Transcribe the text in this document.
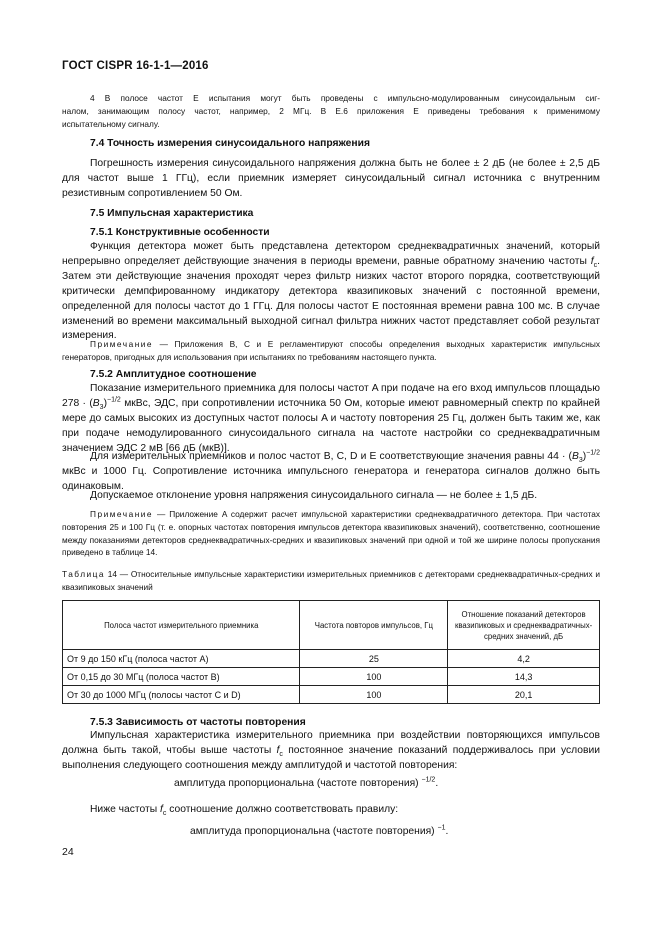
ГОСТ CISPR 16-1-1—2016
4 В полосе частот E испытания могут быть проведены с импульсно-модулированным синусоидальным сиг-
налом, занимающим полосу частот, например, 2 МГц. В Е.6 приложения Е приведены требования к применимому
испытательному сигналу.
7.4 Точность измерения синусоидального напряжения
Погрешность измерения синусоидального напряжения должна быть не более ± 2 дБ (не более ± 2,5 дБ для частот выше 1 ГГц), если приемник измеряет синусоидальный сигнал источника с внутренним резистивным сопротивлением 50 Ом.
7.5 Импульсная характеристика
7.5.1 Конструктивные особенности
Функция детектора может быть представлена детектором среднеквадратичных значений, который непрерывно определяет действующие значения в периоды времени, равные обратному значению частоты $f_c$. Затем эти действующие значения проходят через фильтр низких частот второго порядка, соответствующий критически демпфированному индикатору детектора квазипиковых значений с постоянной времени, определенной для полосы частот до 1 ГГц. Для полосы частот E постоянная времени равна 100 мс. В случае изменений во времени максимальный выходной сигнал фильтра нижних частот представляет собой результат измерения.
Примечание — Приложения B, C и E регламентируют способы определения выходных характеристик импульсных генераторов, пригодных для использования при испытаниях по требованиям настоящего пункта.
7.5.2 Амплитудное соотношение
Показание измерительного приемника для полосы частот A при подаче на его вход импульсов площадью $278 \cdot (B_3)^{-1/2}$ мкВс, ЭДС, при сопротивлении источника 50 Ом, которые имеют равномерный спектр по крайней мере до самых высоких из доступных частот полосы A и частоту повторения 25 Гц, должен быть таким же, как при подаче немодулированного синусоидального сигнала на частоте настройки со среднеквадратичным значением ЭДС 2 мВ [66 дБ (мкВ)].
Для измерительных приемников и полос частот B, C, D и E соответствующие значения равны $44 \cdot (B_3)^{-1/2}$ мкВс и 1000 Гц. Сопротивление источника импульсного генератора и генератора сигналов должно быть одинаковым.
Допускаемое отклонение уровня напряжения синусоидального сигнала — не более ± 1,5 дБ.
Примечание — Приложение A содержит расчет импульсной характеристики среднеквадратичного детектора. При частотах повторения 25 и 100 Гц (т. е. опорных частотах повторения импульсов детектора квазипиковых значений), соответственно, соотношение между показаниями детекторов среднеквадратичных-средних и квазипиковых значений при одной и той же ширине полосы пропускания приведено в таблице 14.
Таблица 14 — Относительные импульсные характеристики измерительных приемников с детекторами среднеквадратичных-средних и квазипиковых значений
Полоса частот измерительного приемника	Частота повторов импульсов, Гц	Отношение показаний детекторов квазипиковых и среднеквадратичных-средних значений, дБ
От 9 до 150 кГц (полоса частот A)	25	4,2
От 0,15 до 30 МГц (полоса частот B)	100	14,3
От 30 до 1000 МГц (полосы частот C и D)	100	20,1
7.5.3 Зависимость от частоты повторения
Импульсная характеристика измерительного приемника при воздействии повторяющихся импульсов должна быть такой, чтобы выше частоты $f_c$ постоянное значение показаний поддерживалось при условии выполнения следующего соотношения между амплитудой и частотой повторения:
амплитуда пропорциональна (частоте повторения) $^{-1/2}$.
Ниже частоты $f_c$ соотношение должно соответствовать правилу:
амплитуда пропорциональна (частоте повторения) $^{-1}$.
24
